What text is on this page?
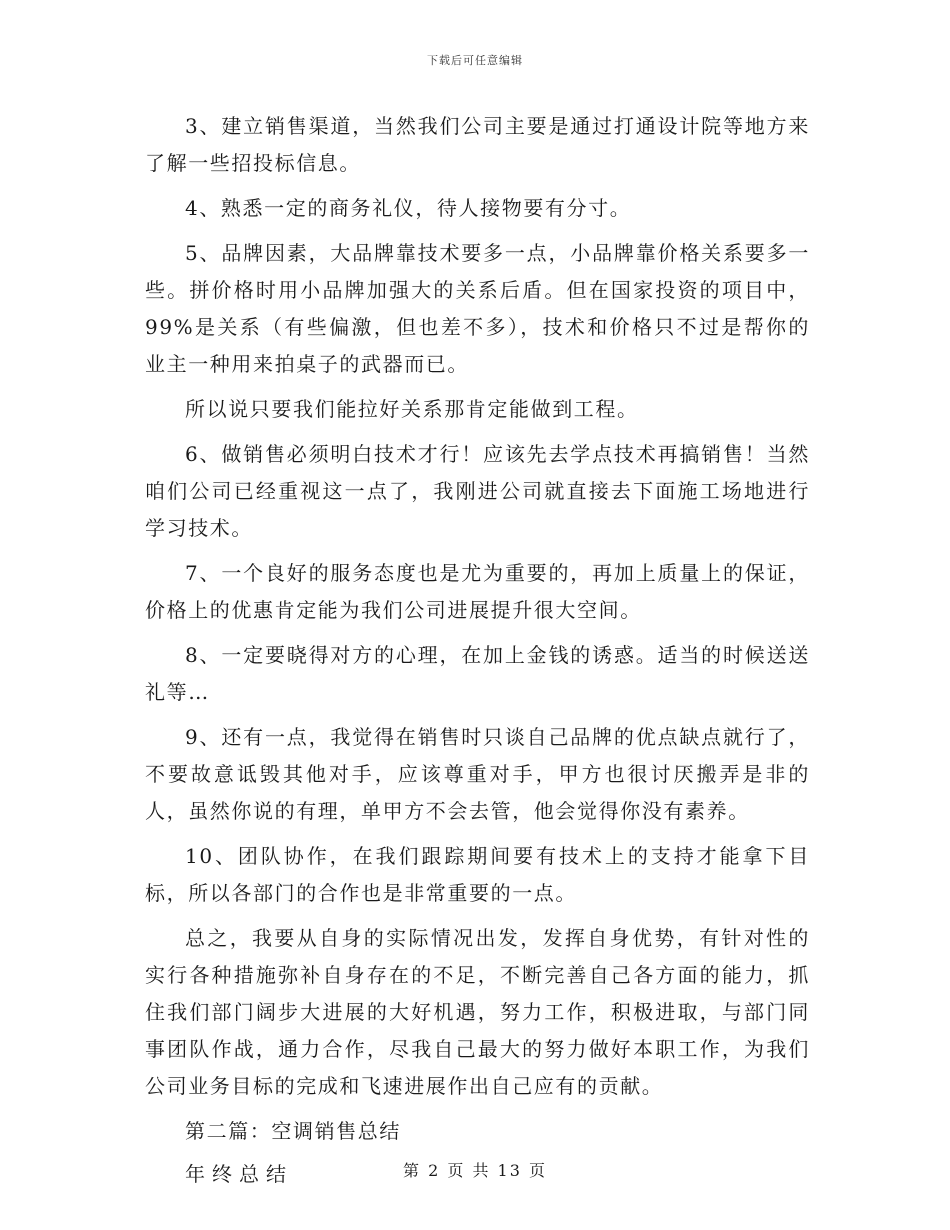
下载后可任意编辑

3、建立销售渠道，当然我们公司主要是通过打通设计院等地方来了解一些招投标信息。

4、熟悉一定的商务礼仪，待人接物要有分寸。

5、品牌因素，大品牌靠技术要多一点，小品牌靠价格关系要多一些。拼价格时用小品牌加强大的关系后盾。但在国家投资的项目中，99%是关系（有些偏激，但也差不多），技术和价格只不过是帮你的业主一种用来拍桌子的武器而已。

所以说只要我们能拉好关系那肯定能做到工程。

6、做销售必须明白技术才行！应该先去学点技术再搞销售！当然咱们公司已经重视这一点了，我刚进公司就直接去下面施工场地进行学习技术。

7、一个良好的服务态度也是尤为重要的，再加上质量上的保证，价格上的优惠肯定能为我们公司进展提升很大空间。

8、一定要晓得对方的心理，在加上金钱的诱惑。适当的时候送送礼等…

9、还有一点，我觉得在销售时只谈自己品牌的优点缺点就行了，不要故意诋毁其他对手，应该尊重对手，甲方也很讨厌搬弄是非的人，虽然你说的有理，单甲方不会去管，他会觉得你没有素养。

10、团队协作，在我们跟踪期间要有技术上的支持才能拿下目标，所以各部门的合作也是非常重要的一点。

总之，我要从自身的实际情况出发，发挥自身优势，有针对性的实行各种措施弥补自身存在的不足，不断完善自己各方面的能力，抓住我们部门阔步大进展的大好机遇，努力工作，积极进取，与部门同事团队作战，通力合作，尽我自己最大的努力做好本职工作，为我们公司业务目标的完成和飞速进展作出自己应有的贡献。

第二篇：空调销售总结

年终总结	第 2 页 共 13 页
